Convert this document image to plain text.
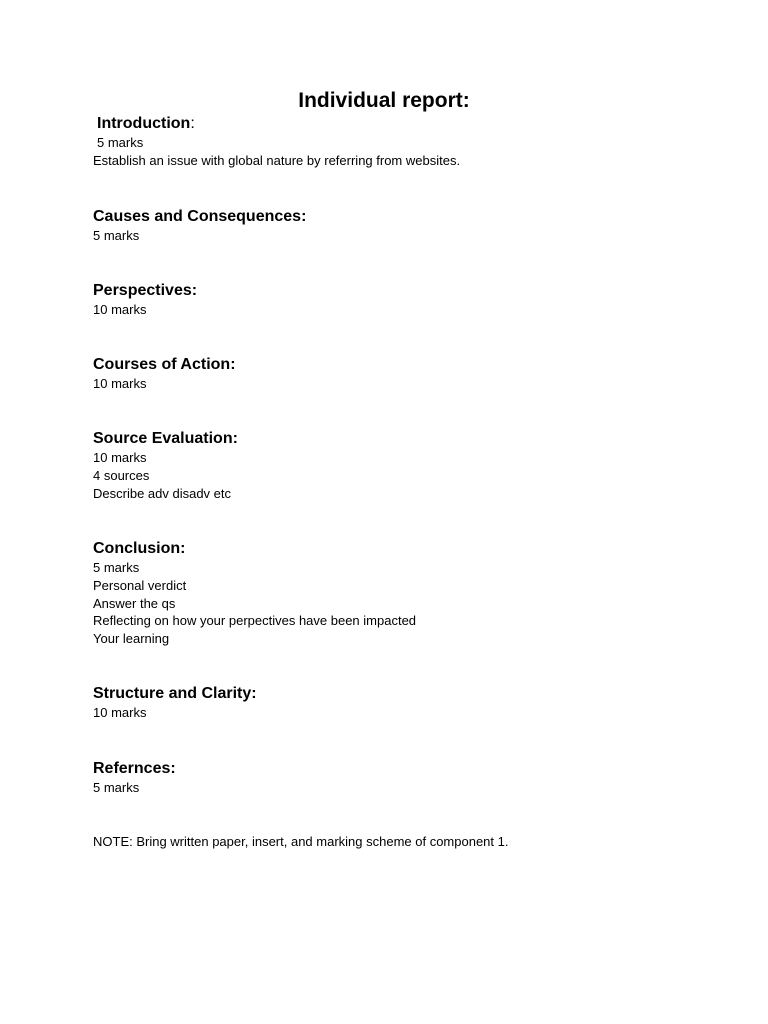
Individual report:
Introduction:
5 marks
Establish an issue with global nature by referring from websites.
Causes and Consequences:
5 marks
Perspectives:
10 marks
Courses of Action:
10 marks
Source Evaluation:
10 marks
4 sources
Describe adv disadv etc
Conclusion:
5 marks
Personal verdict
Answer the qs
Reflecting on how your perpectives have been impacted
Your learning
Structure and Clarity:
10 marks
Refernces:
5 marks
NOTE: Bring written paper, insert, and marking scheme of component 1.
